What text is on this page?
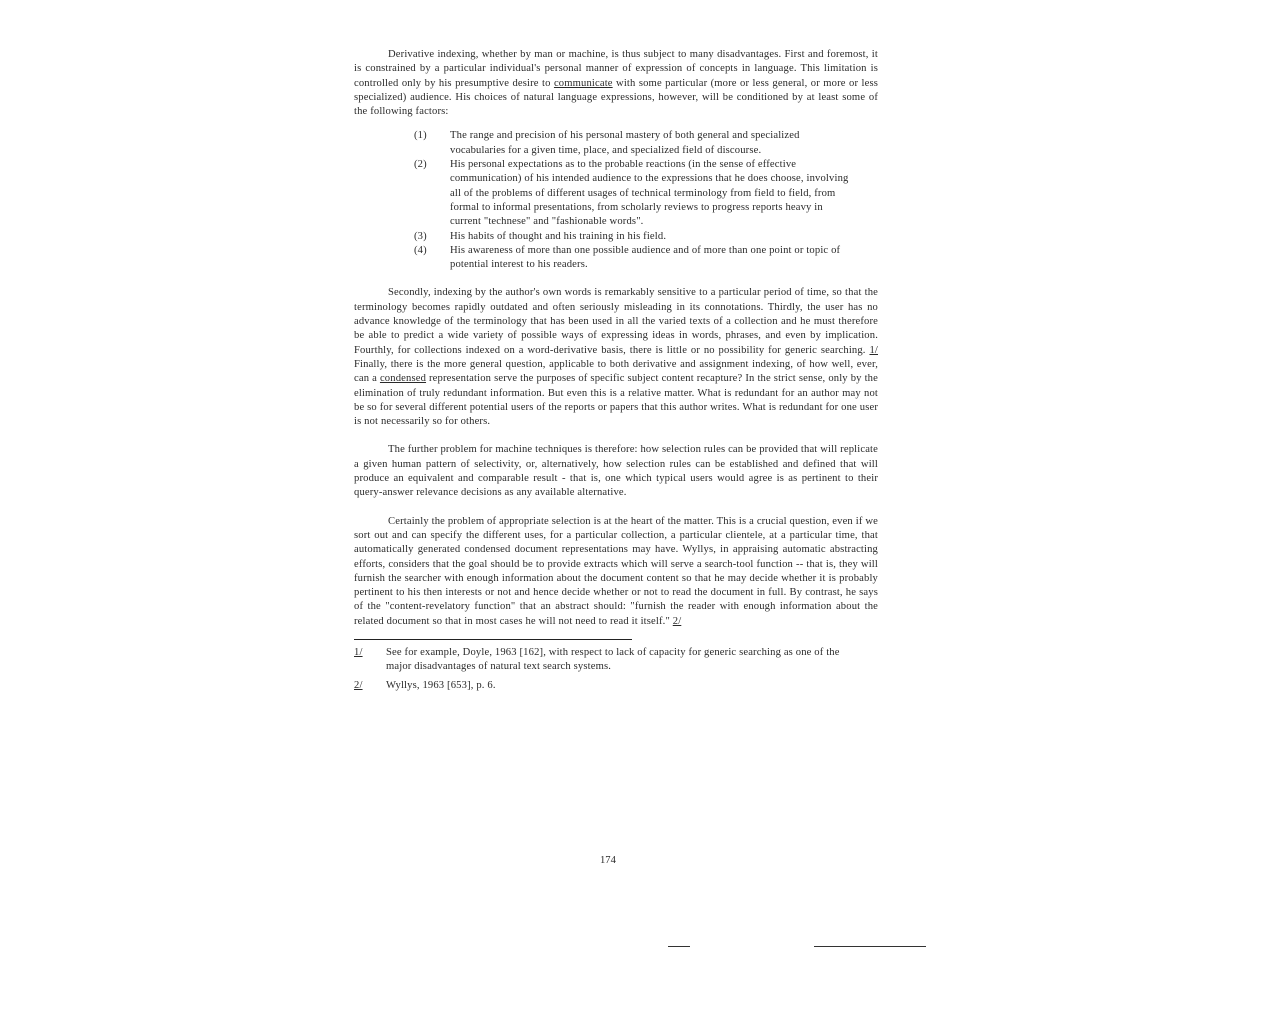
Derivative indexing, whether by man or machine, is thus subject to many disadvantages. First and foremost, it is constrained by a particular individual's personal manner of expression of concepts in language. This limitation is controlled only by his presumptive desire to communicate with some particular (more or less general, or more or less specialized) audience. His choices of natural language expressions, however, will be conditioned by at least some of the following factors:

(1)	The range and precision of his personal mastery of both general and specialized vocabularies for a given time, place, and specialized field of discourse.
(2)	His personal expectations as to the probable reactions (in the sense of effective communication) of his intended audience to the expressions that he does choose, involving all of the problems of different usages of technical terminology from field to field, from formal to informal presentations, from scholarly reviews to progress reports heavy in current "technese" and "fashionable words".
(3)	His habits of thought and his training in his field.
(4)	His awareness of more than one possible audience and of more than one point or topic of potential interest to his readers.

Secondly, indexing by the author's own words is remarkably sensitive to a particular period of time, so that the terminology becomes rapidly outdated and often seriously misleading in its connotations. Thirdly, the user has no advance knowledge of the terminology that has been used in all the varied texts of a collection and he must therefore be able to predict a wide variety of possible ways of expressing ideas in words, phrases, and even by implication. Fourthly, for collections indexed on a word-derivative basis, there is little or no possibility for generic searching. 1/ Finally, there is the more general question, applicable to both derivative and assignment indexing, of how well, ever, can a condensed representation serve the purposes of specific subject content recapture? In the strict sense, only by the elimination of truly redundant information. But even this is a relative matter. What is redundant for an author may not be so for several different potential users of the reports or papers that this author writes. What is redundant for one user is not necessarily so for others.

The further problem for machine techniques is therefore: how selection rules can be provided that will replicate a given human pattern of selectivity, or, alternatively, how selection rules can be established and defined that will produce an equivalent and comparable result - that is, one which typical users would agree is as pertinent to their query-answer relevance decisions as any available alternative.

Certainly the problem of appropriate selection is at the heart of the matter. This is a crucial question, even if we sort out and can specify the different uses, for a particular collection, a particular clientele, at a particular time, that automatically generated condensed document representations may have. Wyllys, in appraising automatic abstracting efforts, considers that the goal should be to provide extracts which will serve a search-tool function -- that is, they will furnish the searcher with enough information about the document content so that he may decide whether it is probably pertinent to his then interests or not and hence decide whether or not to read the document in full. By contrast, he says of the "content-revelatory function" that an abstract should: "furnish the reader with enough information about the related document so that in most cases he will not need to read it itself." 2/

1/	See for example, Doyle, 1963 [162], with respect to lack of capacity for generic searching as one of the major disadvantages of natural text search systems.
2/	Wyllys, 1963 [653], p. 6.
174
